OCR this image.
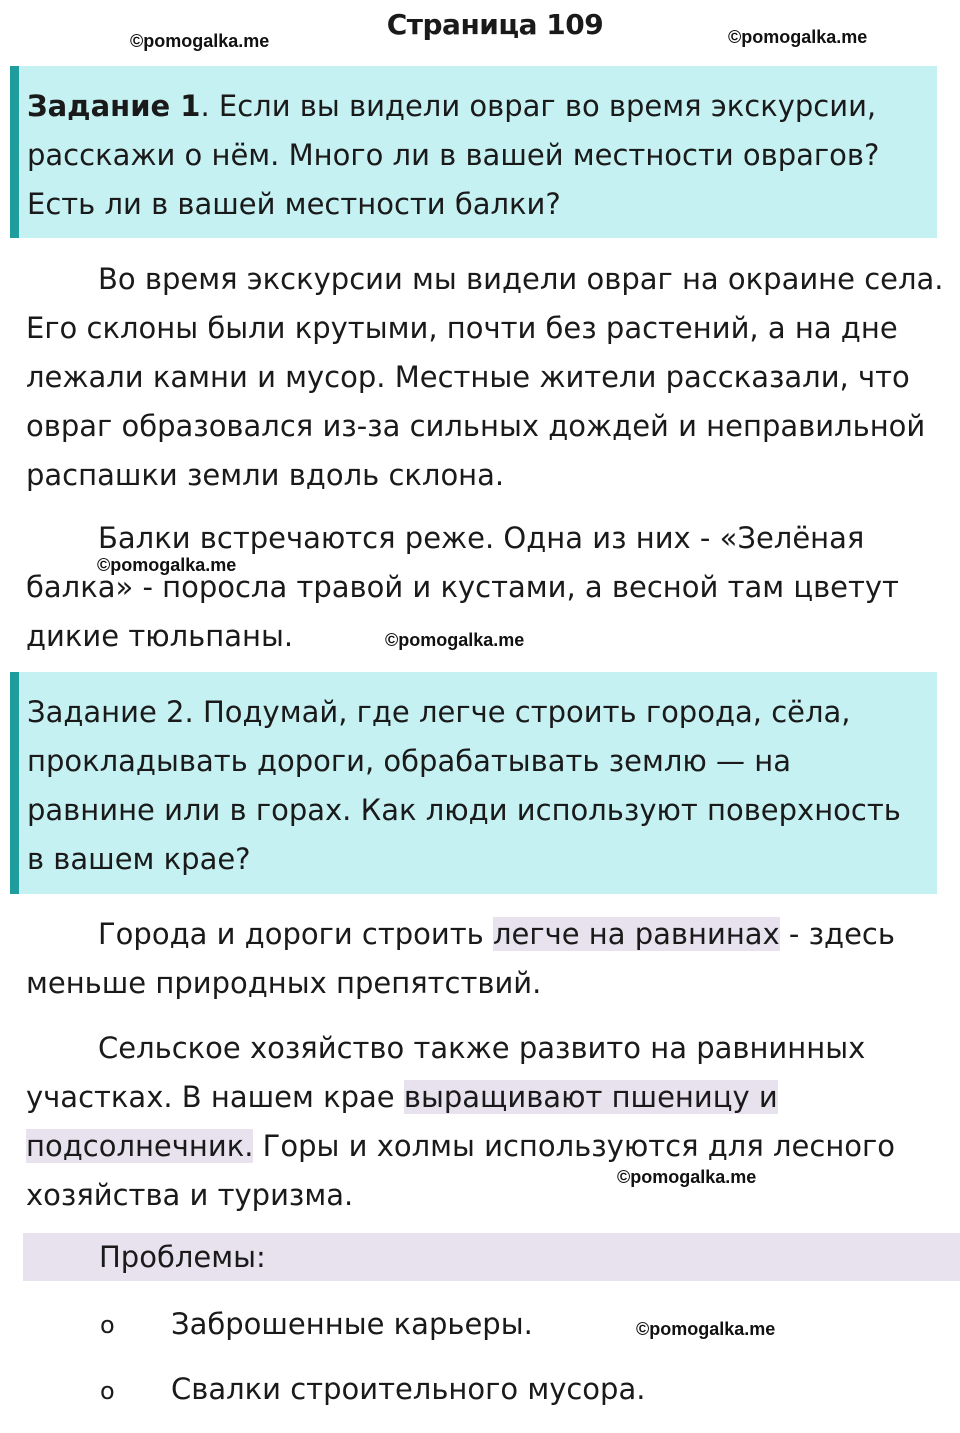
Страница 109
©pomogalka.me	©pomogalka.me
Задание 1. Если вы видели овраг во время экскурсии, расскажи о нём. Много ли в вашей местности оврагов? Есть ли в вашей местности балки?
Во время экскурсии мы видели овраг на окраине села. Его склоны были крутыми, почти без растений, а на дне лежали камни и мусор. Местные жители рассказали, что овраг образовался из-за сильных дождей и неправильной распашки земли вдоль склона.
Балки встречаются реже. Одна из них - «Зелёная балка» - поросла травой и кустами, а весной там цветут дикие тюльпаны.
©pomogalka.me
©pomogalka.me
Задание 2. Подумай, где легче строить города, сёла, прокладывать дороги, обрабатывать землю — на равнине или в горах. Как люди используют поверхность в вашем крае?
Города и дороги строить легче на равнинах - здесь меньше природных препятствий.
Сельское хозяйство также развито на равнинных участках. В нашем крае выращивают пшеницу и подсолнечник. Горы и холмы используются для лесного хозяйства и туризма.
©pomogalka.me
Проблемы:
o Заброшенные карьеры.	©pomogalka.me
o Свалки строительного мусора.
